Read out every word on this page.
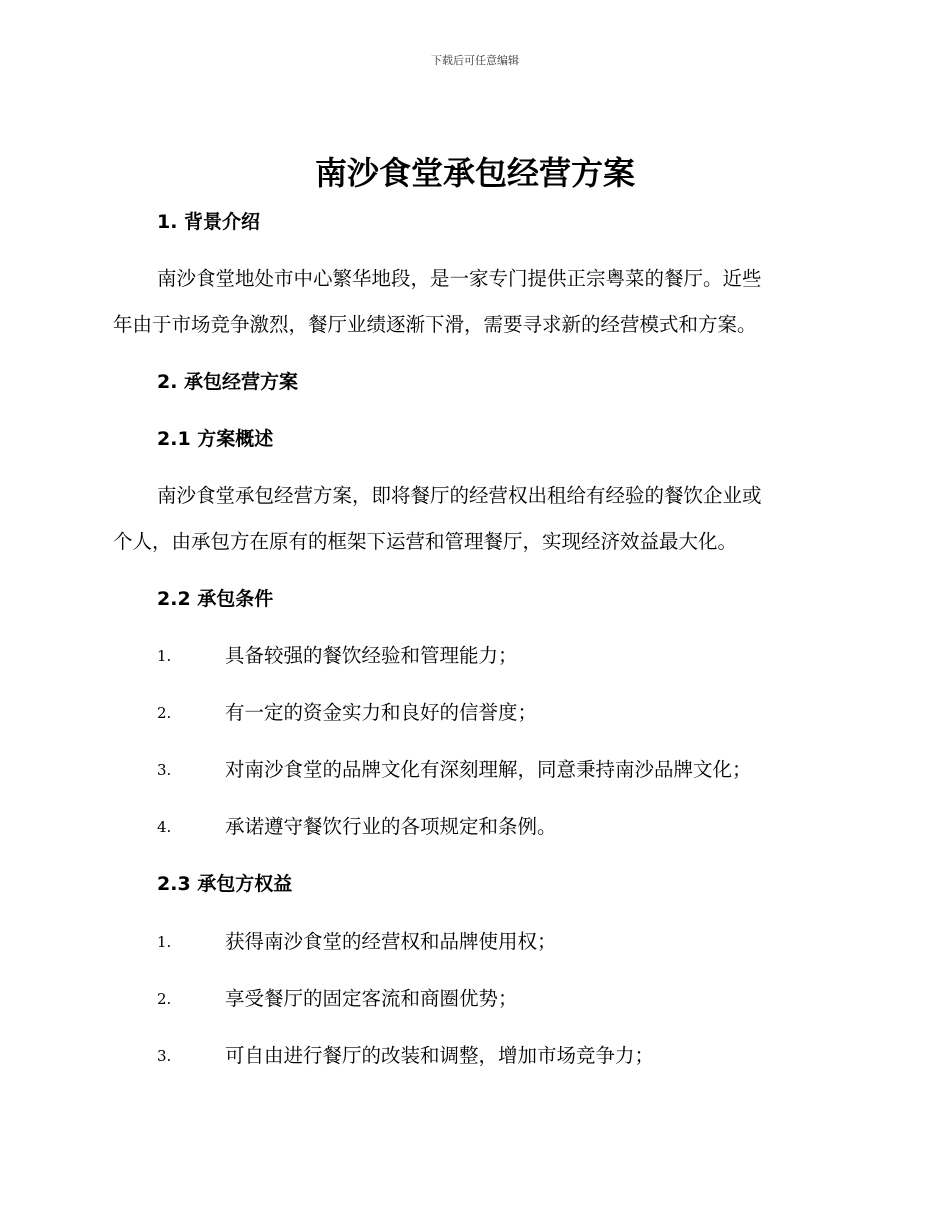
下载后可任意编辑
南沙食堂承包经营方案
1. 背景介绍

南沙食堂地处市中心繁华地段，是一家专门提供正宗粤菜的餐厅。近些

年由于市场竞争激烈，餐厅业绩逐渐下滑，需要寻求新的经营模式和方案。

2. 承包经营方案
2.1 方案概述

南沙食堂承包经营方案，即将餐厅的经营权出租给有经验的餐饮企业或

个人，由承包方在原有的框架下运营和管理餐厅，实现经济效益最大化。

2.2 承包条件
1.	具备较强的餐饮经验和管理能力；
2.	有一定的资金实力和良好的信誉度；
3.	对南沙食堂的品牌文化有深刻理解，同意秉持南沙品牌文化；
4.	承诺遵守餐饮行业的各项规定和条例。
2.3 承包方权益
1.	获得南沙食堂的经营权和品牌使用权；
2.	享受餐厅的固定客流和商圈优势；
3.	可自由进行餐厅的改装和调整，增加市场竞争力；
